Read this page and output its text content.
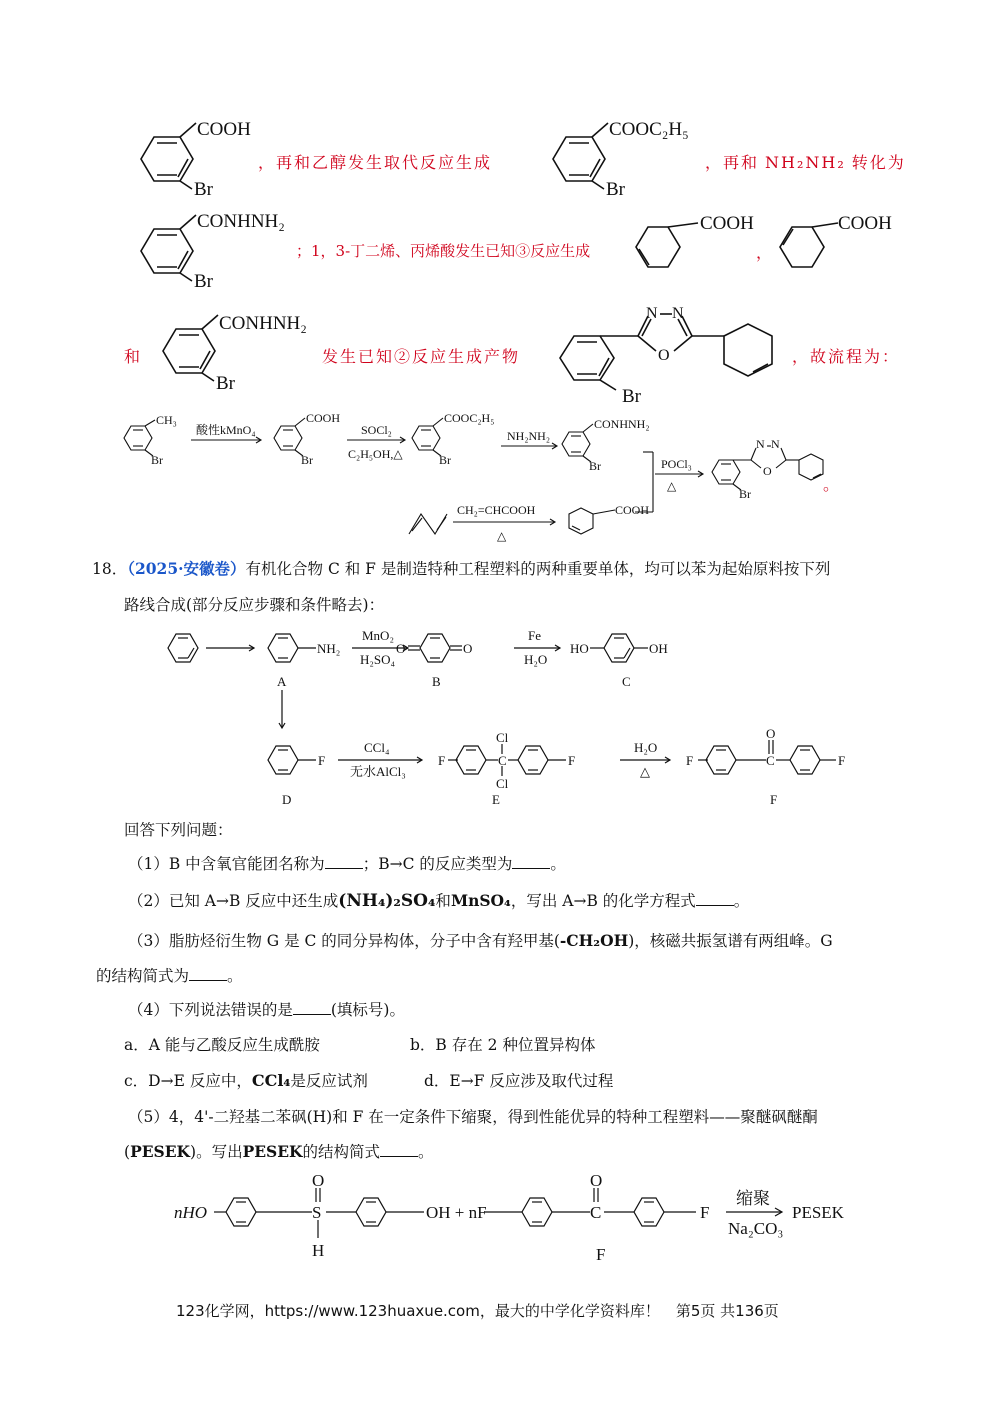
COOH
Br
，再和乙醇发生取代反应生成
COOC₂H₅
Br
，再和 NH₂NH₂ 转化为
CONHNH₂
Br
；1，3-丁二烯、丙烯酸发生已知③反应生成
COOH
，
COOH
和
CONHNH₂
Br
发生已知②反应生成产物
N N
O
Br
，故流程为：
CH₃
Br
酸性kMnO₄
COOH
Br
SOCl₂
C₂H₅OH,△
COOC₂H₅
Br
NH₂NH₂
CONHNH₂
Br	POCl₃
△
N N
O
Br
CH₂=CHCOOH
△
COOH
。
18．（2025·安徽卷）有机化合物 C 和 F 是制造特种工程塑料的两种重要单体，均可以苯为起始原料按下列
路线合成(部分反应步骤和条件略去)：
NH₂
MnO₂
H₂SO₄
O	O
Fe
H₂O
HO	OH
A	B	C
F
CCl₄
无水AlCl₃
F
Cl
C
Cl
F
H₂O
△
F
O
C	F
D	E	F
回答下列问题：
（1）B 中含氧官能团名称为 ；B→C 的反应类型为 。
（2）已知 A→B 反应中还生成(NH₄)₂SO₄和MnSO₄，写出 A→B 的化学方程式 。
（3）脂肪烃衍生物 G 是 C 的同分异构体，分子中含有羟甲基(-CH₂OH)，核磁共振氢谱有两组峰。G
的结构简式为 。
（4）下列说法错误的是 (填标号)。
a．A 能与乙酸反应生成酰胺	b．B 存在 2 种位置异构体
c．D→E 反应中，CCl₄是反应试剂	d．E→F 反应涉及取代过程
（5）4，4'-二羟基二苯砜(H)和 F 在一定条件下缩聚，得到性能优异的特种工程塑料——聚醚砜醚酮
(PESEK)。写出PESEK的结构简式 。
nHO	S
O
H
OH + nF	C
O
F
缩聚
Na₂CO₃
PESEK
F
123化学网，https://www.123huaxue.com，最大的中学化学资料库！ 第5页 共136页
